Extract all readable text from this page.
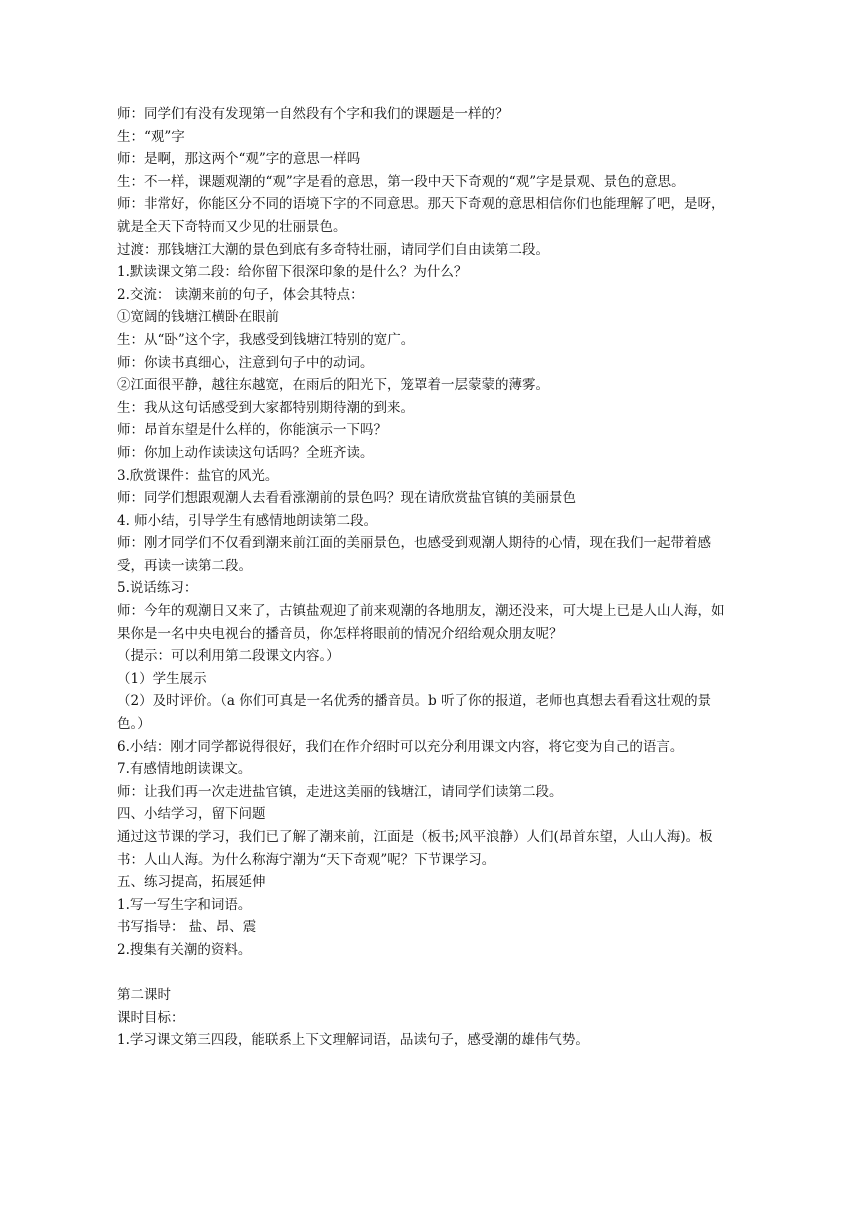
师：同学们有没有发现第一自然段有个字和我们的课题是一样的？

生：“观”字

师：是啊，那这两个“观”字的意思一样吗

生：不一样，课题观潮的“观”字是看的意思，第一段中天下奇观的“观”字是景观、景色的意思。

师：非常好，你能区分不同的语境下字的不同意思。那天下奇观的意思相信你们也能理解了吧，是呀，就是全天下奇特而又少见的壮丽景色。

过渡：那钱塘江大潮的景色到底有多奇特壮丽，请同学们自由读第二段。

1.默读课文第二段：给你留下很深印象的是什么？为什么？

2.交流： 读潮来前的句子，体会其特点：

①宽阔的钱塘江横卧在眼前

生：从“卧”这个字，我感受到钱塘江特别的宽广。

师：你读书真细心，注意到句子中的动词。

②江面很平静，越往东越宽，在雨后的阳光下，笼罩着一层蒙蒙的薄雾。

生：我从这句话感受到大家都特别期待潮的到来。

师：昂首东望是什么样的，你能演示一下吗？

师：你加上动作读读这句话吗？全班齐读。

3.欣赏课件：盐官的风光。

师：同学们想跟观潮人去看看涨潮前的景色吗？现在请欣赏盐官镇的美丽景色

4. 师小结，引导学生有感情地朗读第二段。

师：刚才同学们不仅看到潮来前江面的美丽景色，也感受到观潮人期待的心情，现在我们一起带着感受，再读一读第二段。

5.说话练习：

师：今年的观潮日又来了，古镇盐观迎了前来观潮的各地朋友，潮还没来，可大堤上已是人山人海，如果你是一名中央电视台的播音员，你怎样将眼前的情况介绍给观众朋友呢？

（提示：可以利用第二段课文内容。）

（1）学生展示

（2）及时评价。（a 你们可真是一名优秀的播音员。b 听了你的报道，老师也真想去看看这壮观的景色。）

6.小结：刚才同学都说得很好，我们在作介绍时可以充分利用课文内容，将它变为自己的语言。

7.有感情地朗读课文。

师：让我们再一次走进盐官镇，走进这美丽的钱塘江，请同学们读第二段。

四、小结学习，留下问题

通过这节课的学习，我们已了解了潮来前，江面是（板书;风平浪静）人们(昂首东望，人山人海)。板书：人山人海。为什么称海宁潮为“天下奇观”呢？下节课学习。

五、练习提高，拓展延伸

1.写一写生字和词语。

书写指导： 盐、昂、震

2.搜集有关潮的资料。

第二课时

课时目标：

1.学习课文第三四段，能联系上下文理解词语，品读句子，感受潮的雄伟气势。
